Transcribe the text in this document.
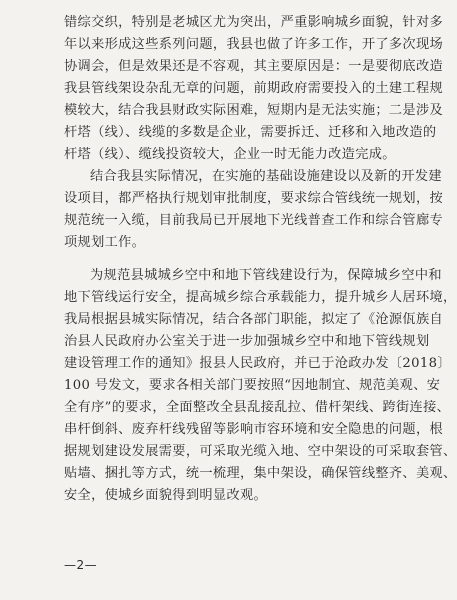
错综交织，特别是老城区尤为突出，严重影响城乡面貌，针对多
年以来形成这些系列问题，我县也做了许多工作，开了多次现场
协调会，但是效果还是不容观，其主要原因是：一是要彻底改造
我县管线架设杂乱无章的问题，前期政府需要投入的土建工程规
模较大，结合我县财政实际困难，短期内是无法实施；二是涉及
杆塔（线）、线缆的多数是企业，需要拆迁、迁移和入地改造的
杆塔（线）、缆线投资较大，企业一时无能力改造完成。
结合我县实际情况，在实施的基础设施建设以及新的开发建
设项目，都严格执行规划审批制度，要求综合管线统一规划，按
规范统一入缆，目前我局已开展地下光线普查工作和综合管廊专
项规划工作。
为规范县城城乡空中和地下管线建设行为，保障城乡空中和
地下管线运行安全，提高城乡综合承载能力，提升城乡人居环境，
我局根据县城实际情况，结合各部门职能，拟定了《沧源佤族自
治县人民政府办公室关于进一步加强城乡空中和地下管线规划
建设管理工作的通知》报县人民政府，并已于沧政办发〔2018〕
100 号发文，要求各相关部门要按照“因地制宜、规范美观、安
全有序”的要求，全面整改全县乱接乱拉、借杆架线、跨街连接、
串杆倒斜、废弃杆线残留等影响市容环境和安全隐患的问题，根
据规划建设发展需要，可采取光缆入地、空中架设的可采取套管、
贴墙、捆扎等方式，统一梳理，集中架设，确保管线整齐、美观、
安全，使城乡面貌得到明显改观。
—2—
